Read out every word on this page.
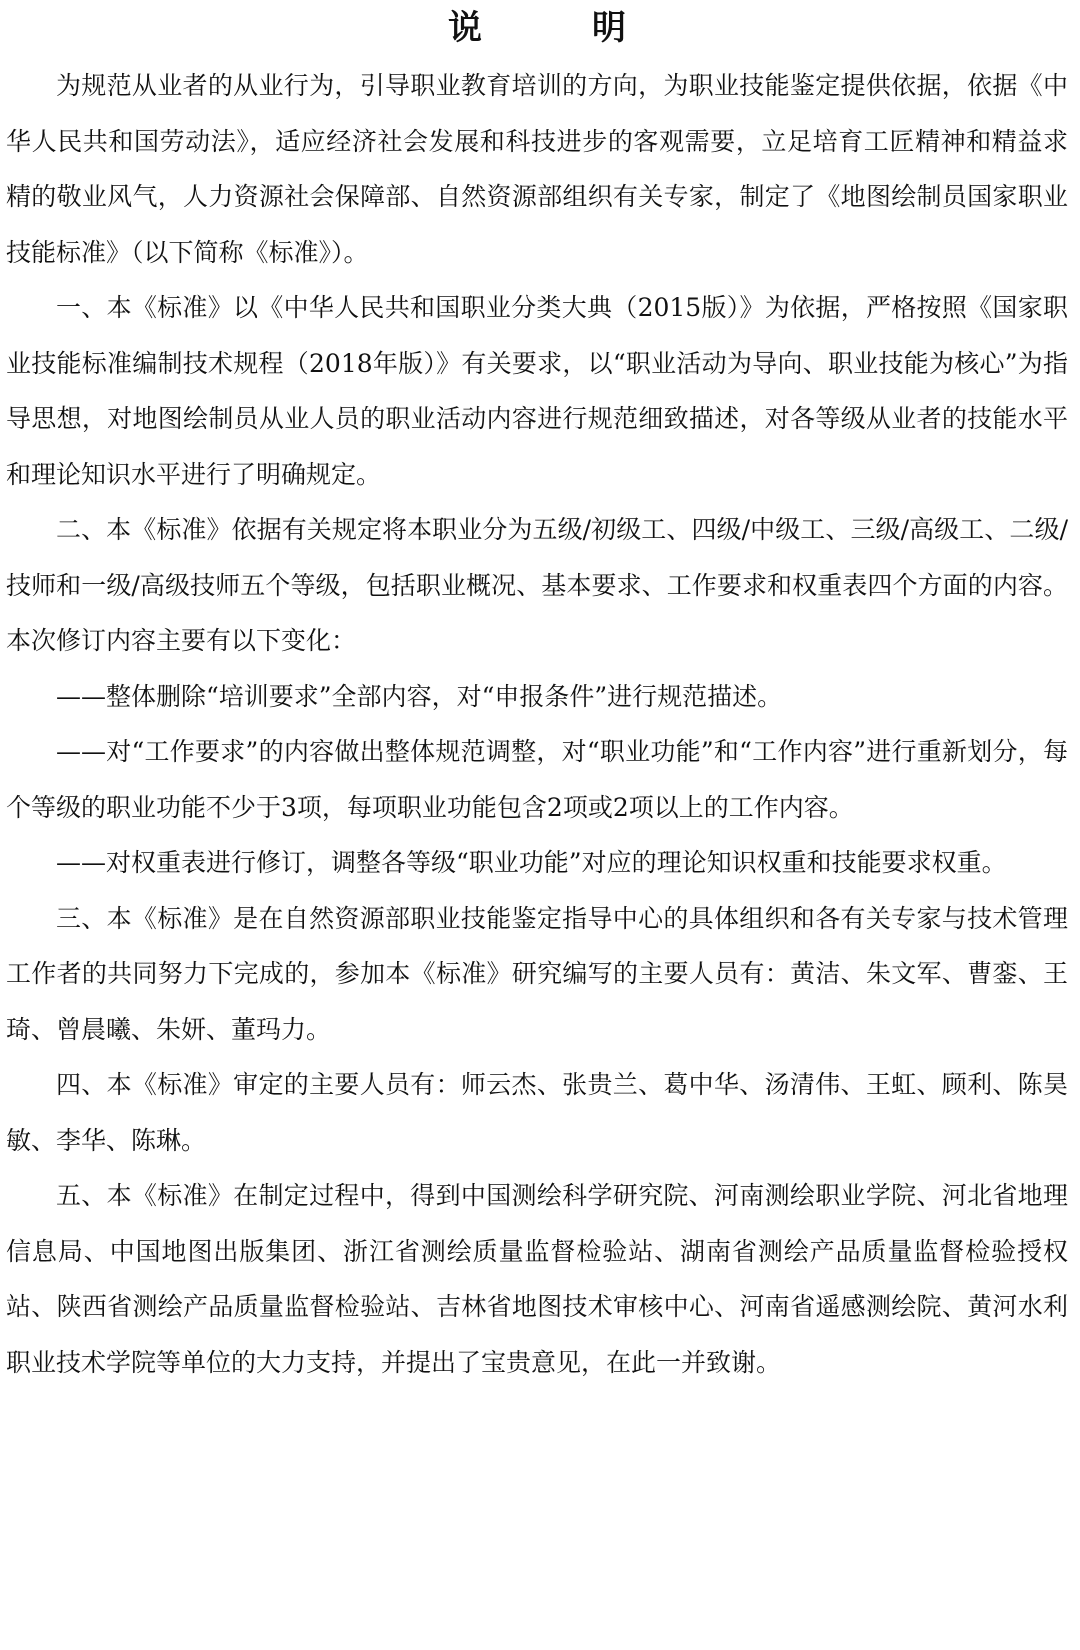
说　明

为规范从业者的从业行为，引导职业教育培训的方向，为职业技能鉴定提供依据，依据《中华人民共和国劳动法》，适应经济社会发展和科技进步的客观需要，立足培育工匠精神和精益求精的敬业风气，人力资源社会保障部、自然资源部组织有关专家，制定了《地图绘制员国家职业技能标准》（以下简称《标准》）。

一、本《标准》以《中华人民共和国职业分类大典（2015版）》为依据，严格按照《国家职业技能标准编制技术规程（2018年版）》有关要求，以“职业活动为导向、职业技能为核心”为指导思想，对地图绘制员从业人员的职业活动内容进行规范细致描述，对各等级从业者的技能水平和理论知识水平进行了明确规定。

二、本《标准》依据有关规定将本职业分为五级/初级工、四级/中级工、三级/高级工、二级/技师和一级/高级技师五个等级，包括职业概况、基本要求、工作要求和权重表四个方面的内容。本次修订内容主要有以下变化：

——整体删除“培训要求”全部内容，对“申报条件”进行规范描述。

——对“工作要求”的内容做出整体规范调整，对“职业功能”和“工作内容”进行重新划分，每个等级的职业功能不少于3项，每项职业功能包含2项或2项以上的工作内容。

——对权重表进行修订，调整各等级“职业功能”对应的理论知识权重和技能要求权重。

三、本《标准》是在自然资源部职业技能鉴定指导中心的具体组织和各有关专家与技术管理工作者的共同努力下完成的，参加本《标准》研究编写的主要人员有：黄洁、朱文军、曹銮、王琦、曾晨曦、朱妍、董玛力。

四、本《标准》审定的主要人员有：师云杰、张贵兰、葛中华、汤清伟、王虹、顾利、陈昊敏、李华、陈琳。

五、本《标准》在制定过程中，得到中国测绘科学研究院、河南测绘职业学院、河北省地理信息局、中国地图出版集团、浙江省测绘质量监督检验站、湖南省测绘产品质量监督检验授权站、陕西省测绘产品质量监督检验站、吉林省地图技术审核中心、河南省遥感测绘院、黄河水利职业技术学院等单位的大力支持，并提出了宝贵意见，在此一并致谢。
